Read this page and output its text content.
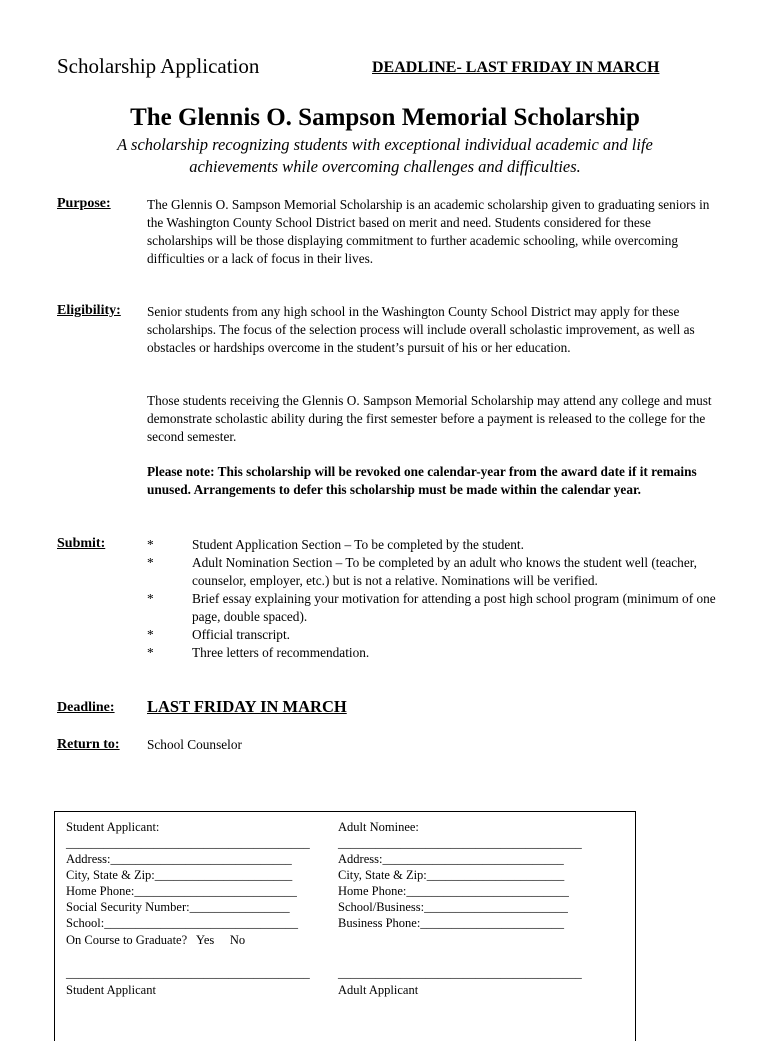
Scholarship Application	DEADLINE- LAST FRIDAY IN MARCH
The Glennis O. Sampson Memorial Scholarship
A scholarship recognizing students with exceptional individual academic and life achievements while overcoming challenges and difficulties.
Purpose:	The Glennis O. Sampson Memorial Scholarship is an academic scholarship given to graduating seniors in the Washington County School District based on merit and need. Students considered for these scholarships will be those displaying commitment to further academic schooling, while overcoming difficulties or a lack of focus in their lives.
Eligibility: Senior students from any high school in the Washington County School District may apply for these scholarships. The focus of the selection process will include overall scholastic improvement, as well as obstacles or hardships overcome in the student’s pursuit of his or her education.
Those students receiving the Glennis O. Sampson Memorial Scholarship may attend any college and must demonstrate scholastic ability during the first semester before a payment is released to the college for the second semester.
Please note: This scholarship will be revoked one calendar-year from the award date if it remains unused. Arrangements to defer this scholarship must be made within the calendar year.
Submit:	*	Student Application Section – To be completed by the student.
*	Adult Nomination Section – To be completed by an adult who knows the student well (teacher, counselor, employer, etc.) but is not a relative. Nominations will be verified.
*	Brief essay explaining your motivation for attending a post high school program (minimum of one page, double spaced).
*	Official transcript.
*	Three letters of recommendation.
Deadline: LAST FRIDAY IN MARCH
Return to: School Counselor
Student Applicant:
_______________________________________
Address:_____________________________
City, State & Zip:______________________
Home Phone:__________________________
Social Security Number:________________
School:_______________________________
On Course to Graduate?   Yes     No
_______________________________________
Student Applicant
Adult Nominee:
_______________________________________
Address:_____________________________
City, State & Zip:______________________
Home Phone:__________________________
School/Business:_______________________
Business Phone:_______________________
_______________________________________
Adult Applicant
